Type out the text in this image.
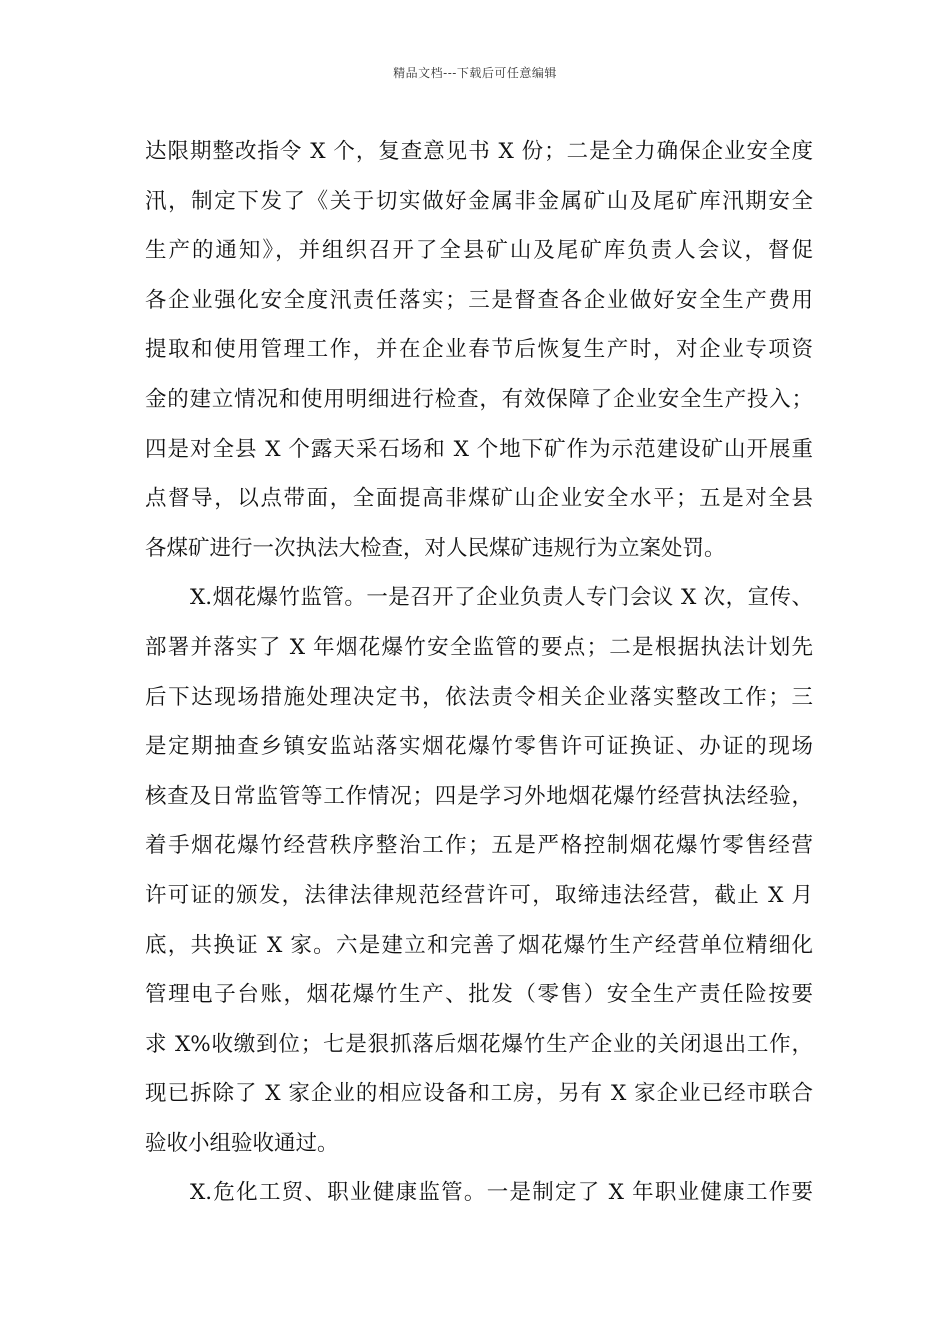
精品文档---下载后可任意编辑
达限期整改指令 X 个，复查意见书 X 份；二是全力确保企业安全度
汛，制定下发了《关于切实做好金属非金属矿山及尾矿库汛期安全
生产的通知》，并组织召开了全县矿山及尾矿库负责人会议，督促
各企业强化安全度汛责任落实；三是督查各企业做好安全生产费用
提取和使用管理工作，并在企业春节后恢复生产时，对企业专项资
金的建立情况和使用明细进行检查，有效保障了企业安全生产投入；
四是对全县 X 个露天采石场和 X 个地下矿作为示范建设矿山开展重
点督导，以点带面，全面提高非煤矿山企业安全水平；五是对全县
各煤矿进行一次执法大检查，对人民煤矿违规行为立案处罚。
X.烟花爆竹监管。一是召开了企业负责人专门会议 X 次，宣传、
部署并落实了 X 年烟花爆竹安全监管的要点；二是根据执法计划先
后下达现场措施处理决定书，依法责令相关企业落实整改工作；三
是定期抽查乡镇安监站落实烟花爆竹零售许可证换证、办证的现场
核查及日常监管等工作情况；四是学习外地烟花爆竹经营执法经验，
着手烟花爆竹经营秩序整治工作；五是严格控制烟花爆竹零售经营
许可证的颁发，法律法律规范经营许可，取缔违法经营，截止 X 月
底，共换证 X 家。六是建立和完善了烟花爆竹生产经营单位精细化
管理电子台账，烟花爆竹生产、批发（零售）安全生产责任险按要
求 X%收缴到位；七是狠抓落后烟花爆竹生产企业的关闭退出工作，
现已拆除了 X 家企业的相应设备和工房，另有 X 家企业已经市联合
验收小组验收通过。
X.危化工贸、职业健康监管。一是制定了 X 年职业健康工作要
